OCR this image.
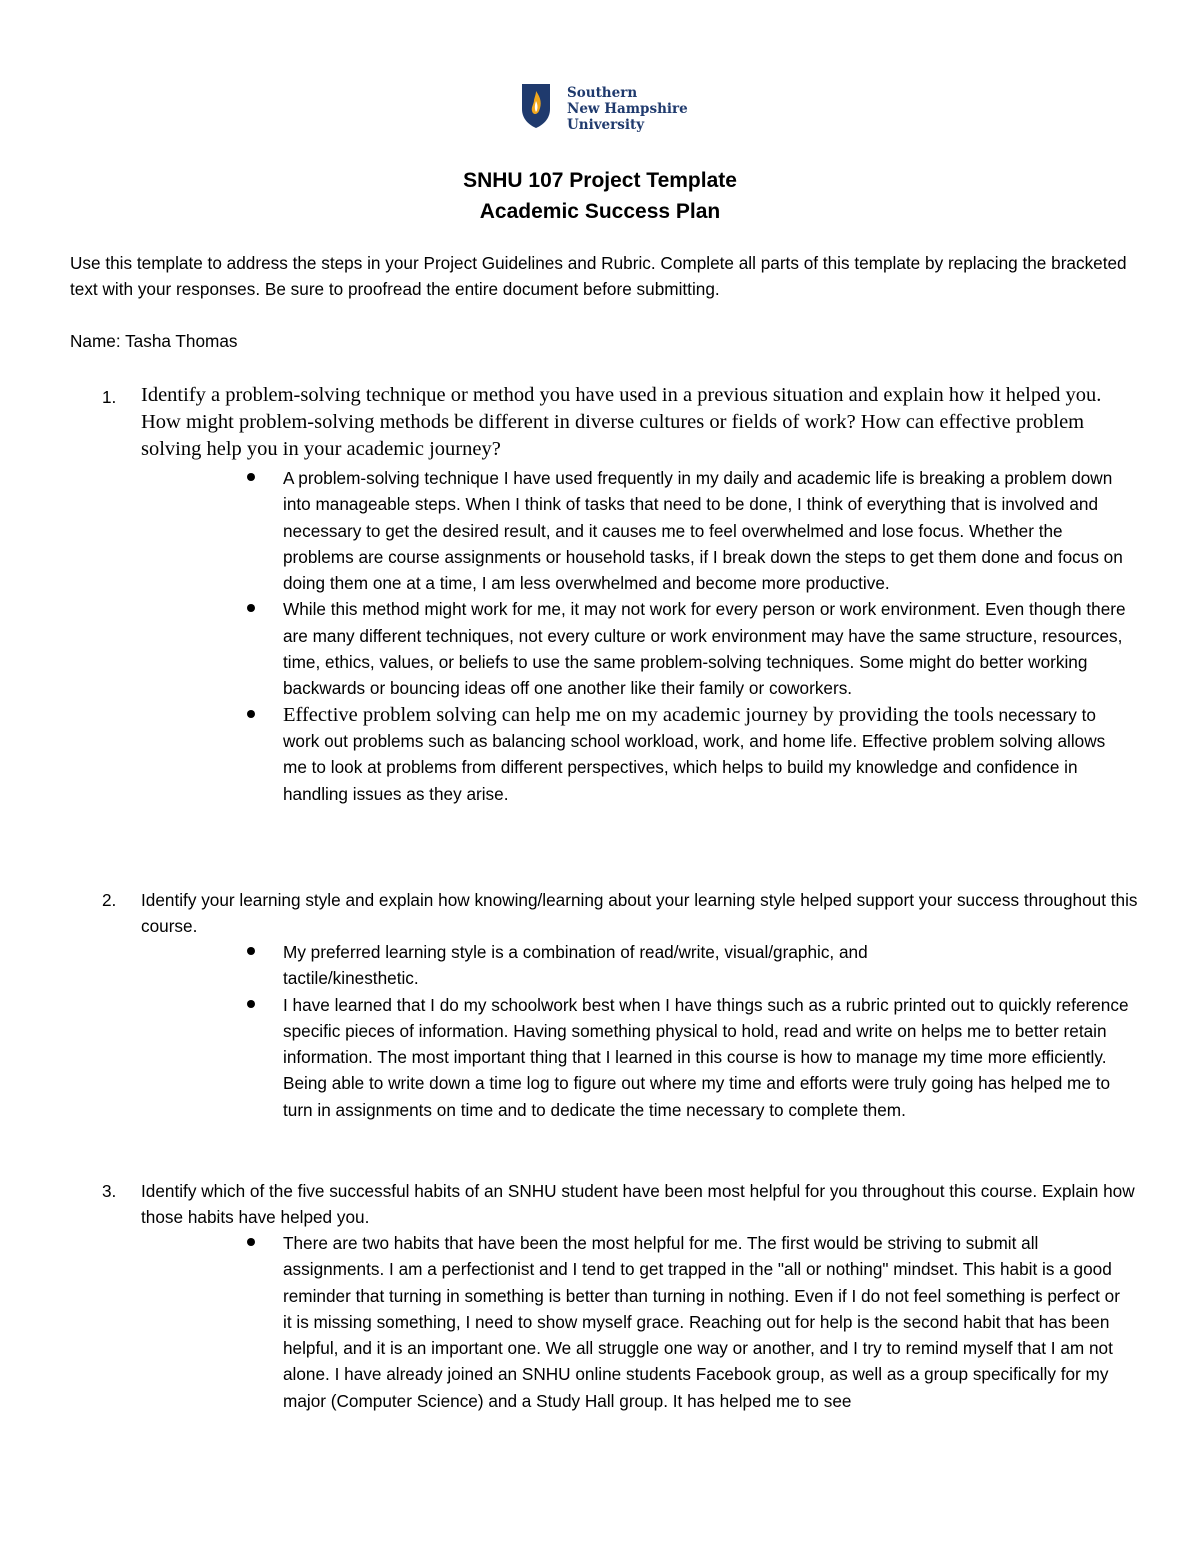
Southern
New Hampshire
University
SNHU 107 Project Template
Academic Success Plan
Use this template to address the steps in your Project Guidelines and Rubric. Complete all parts of this template by replacing the bracketed text with your responses. Be sure to proofread the entire document before submitting.
Name: Tasha Thomas
1. Identify a problem-solving technique or method you have used in a previous situation and explain how it helped you. How might problem-solving methods be different in diverse cultures or fields of work? How can effective problem solving help you in your academic journey?
A problem-solving technique I have used frequently in my daily and academic life is breaking a problem down into manageable steps. When I think of tasks that need to be done, I think of everything that is involved and necessary to get the desired result, and it causes me to feel overwhelmed and lose focus. Whether the problems are course assignments or household tasks, if I break down the steps to get them done and focus on doing them one at a time, I am less overwhelmed and become more productive.
While this method might work for me, it may not work for every person or work environment. Even though there are many different techniques, not every culture or work environment may have the same structure, resources, time, ethics, values, or beliefs to use the same problem-solving techniques. Some might do better working backwards or bouncing ideas off one another like their family or coworkers.
Effective problem solving can help me on my academic journey by providing the tools necessary to work out problems such as balancing school workload, work, and home life. Effective problem solving allows me to look at problems from different perspectives, which helps to build my knowledge and confidence in handling issues as they arise.
2. Identify your learning style and explain how knowing/learning about your learning style helped support your success throughout this course.
My preferred learning style is a combination of read/write, visual/graphic, and tactile/kinesthetic.
I have learned that I do my schoolwork best when I have things such as a rubric printed out to quickly reference specific pieces of information. Having something physical to hold, read and write on helps me to better retain information. The most important thing that I learned in this course is how to manage my time more efficiently. Being able to write down a time log to figure out where my time and efforts were truly going has helped me to turn in assignments on time and to dedicate the time necessary to complete them.
3. Identify which of the five successful habits of an SNHU student have been most helpful for you throughout this course. Explain how those habits have helped you.
There are two habits that have been the most helpful for me. The first would be striving to submit all assignments. I am a perfectionist and I tend to get trapped in the "all or nothing" mindset. This habit is a good reminder that turning in something is better than turning in nothing. Even if I do not feel something is perfect or it is missing something, I need to show myself grace. Reaching out for help is the second habit that has been helpful, and it is an important one. We all struggle one way or another, and I try to remind myself that I am not alone. I have already joined an SNHU online students Facebook group, as well as a group specifically for my major (Computer Science) and a Study Hall group. It has helped me to see
